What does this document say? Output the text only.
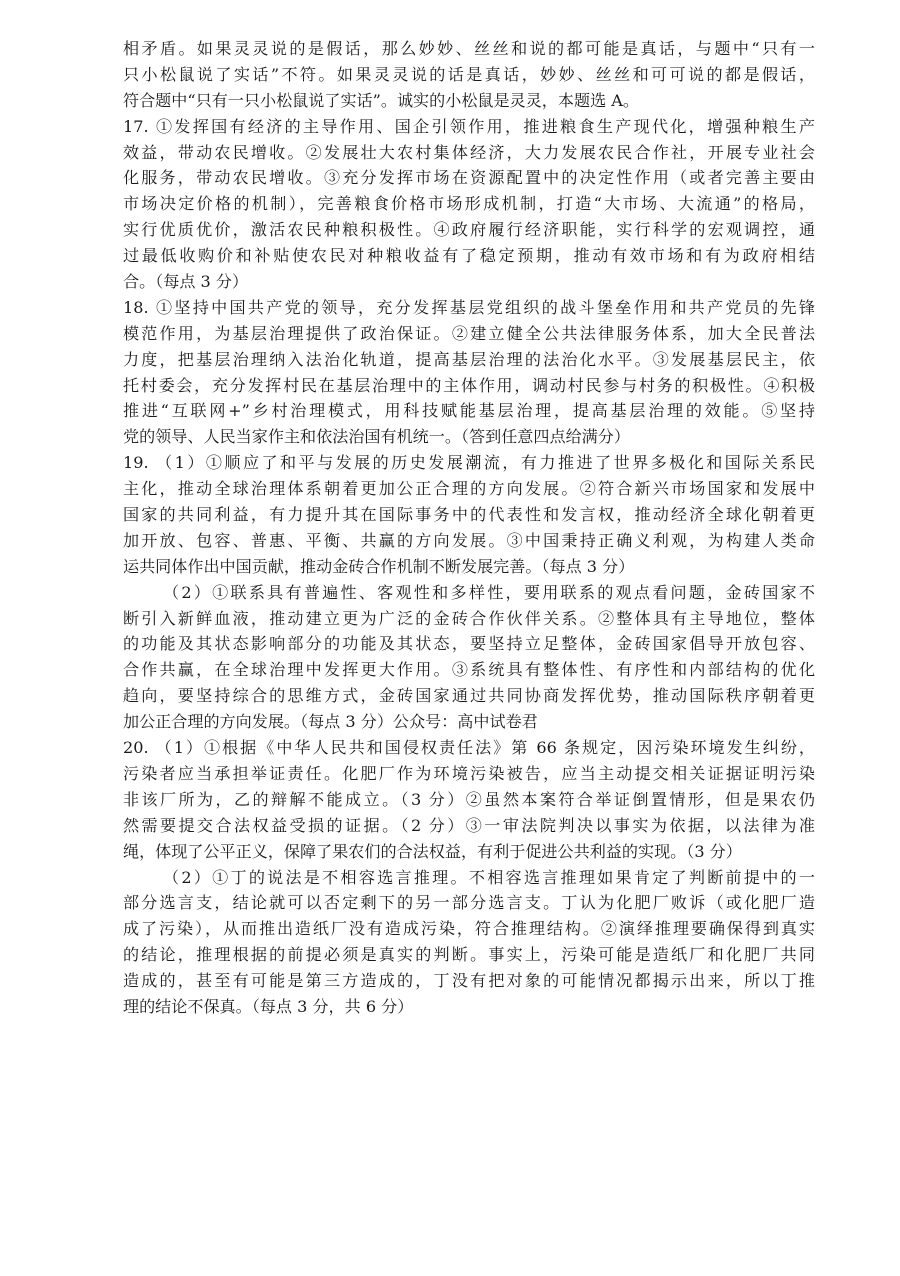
相矛盾。如果灵灵说的是假话，那么妙妙、丝丝和说的都可能是真话，与题中“只有一
只小松鼠说了实话”不符。如果灵灵说的话是真话，妙妙、丝丝和可可说的都是假话，
符合题中“只有一只小松鼠说了实话”。诚实的小松鼠是灵灵，本题选 A。
17. ①发挥国有经济的主导作用、国企引领作用，推进粮食生产现代化，增强种粮生产
效益，带动农民增收。②发展壮大农村集体经济，大力发展农民合作社，开展专业社会
化服务，带动农民增收。③充分发挥市场在资源配置中的决定性作用（或者完善主要由
市场决定价格的机制），完善粮食价格市场形成机制，打造“大市场、大流通”的格局，
实行优质优价，激活农民种粮积极性。④政府履行经济职能，实行科学的宏观调控，通
过最低收购价和补贴使农民对种粮收益有了稳定预期，推动有效市场和有为政府相结
合。（每点 3 分）
18. ①坚持中国共产党的领导，充分发挥基层党组织的战斗堡垒作用和共产党员的先锋
模范作用，为基层治理提供了政治保证。②建立健全公共法律服务体系，加大全民普法
力度，把基层治理纳入法治化轨道，提高基层治理的法治化水平。③发展基层民主，依
托村委会，充分发挥村民在基层治理中的主体作用，调动村民参与村务的积极性。④积极
推进“互联网+”乡村治理模式，用科技赋能基层治理，提高基层治理的效能。⑤坚持
党的领导、人民当家作主和依法治国有机统一。（答到任意四点给满分）
19. （1）①顺应了和平与发展的历史发展潮流，有力推进了世界多极化和国际关系民
主化，推动全球治理体系朝着更加公正合理的方向发展。②符合新兴市场国家和发展中
国家的共同利益，有力提升其在国际事务中的代表性和发言权，推动经济全球化朝着更
加开放、包容、普惠、平衡、共赢的方向发展。③中国秉持正确义利观，为构建人类命
运共同体作出中国贡献，推动金砖合作机制不断发展完善。（每点 3 分）
（2）①联系具有普遍性、客观性和多样性，要用联系的观点看问题，金砖国家不
断引入新鲜血液，推动建立更为广泛的金砖合作伙伴关系。②整体具有主导地位，整体
的功能及其状态影响部分的功能及其状态，要坚持立足整体，金砖国家倡导开放包容、
合作共赢，在全球治理中发挥更大作用。③系统具有整体性、有序性和内部结构的优化
趋向，要坚持综合的思维方式，金砖国家通过共同协商发挥优势，推动国际秩序朝着更
加公正合理的方向发展。（每点 3 分）公众号：高中试卷君
20. （1）①根据《中华人民共和国侵权责任法》第 66 条规定，因污染环境发生纠纷，
污染者应当承担举证责任。化肥厂作为环境污染被告，应当主动提交相关证据证明污染
非该厂所为，乙的辩解不能成立。（3 分）②虽然本案符合举证倒置情形，但是果农仍
然需要提交合法权益受损的证据。（2 分）③一审法院判决以事实为依据，以法律为准
绳，体现了公平正义，保障了果农们的合法权益，有利于促进公共利益的实现。（3 分）
（2）①丁的说法是不相容选言推理。不相容选言推理如果肯定了判断前提中的一
部分选言支，结论就可以否定剩下的另一部分选言支。丁认为化肥厂败诉（或化肥厂造
成了污染），从而推出造纸厂没有造成污染，符合推理结构。②演绎推理要确保得到真实
的结论，推理根据的前提必须是真实的判断。事实上，污染可能是造纸厂和化肥厂共同
造成的，甚至有可能是第三方造成的，丁没有把对象的可能情况都揭示出来，所以丁推
理的结论不保真。（每点 3 分，共 6 分）
